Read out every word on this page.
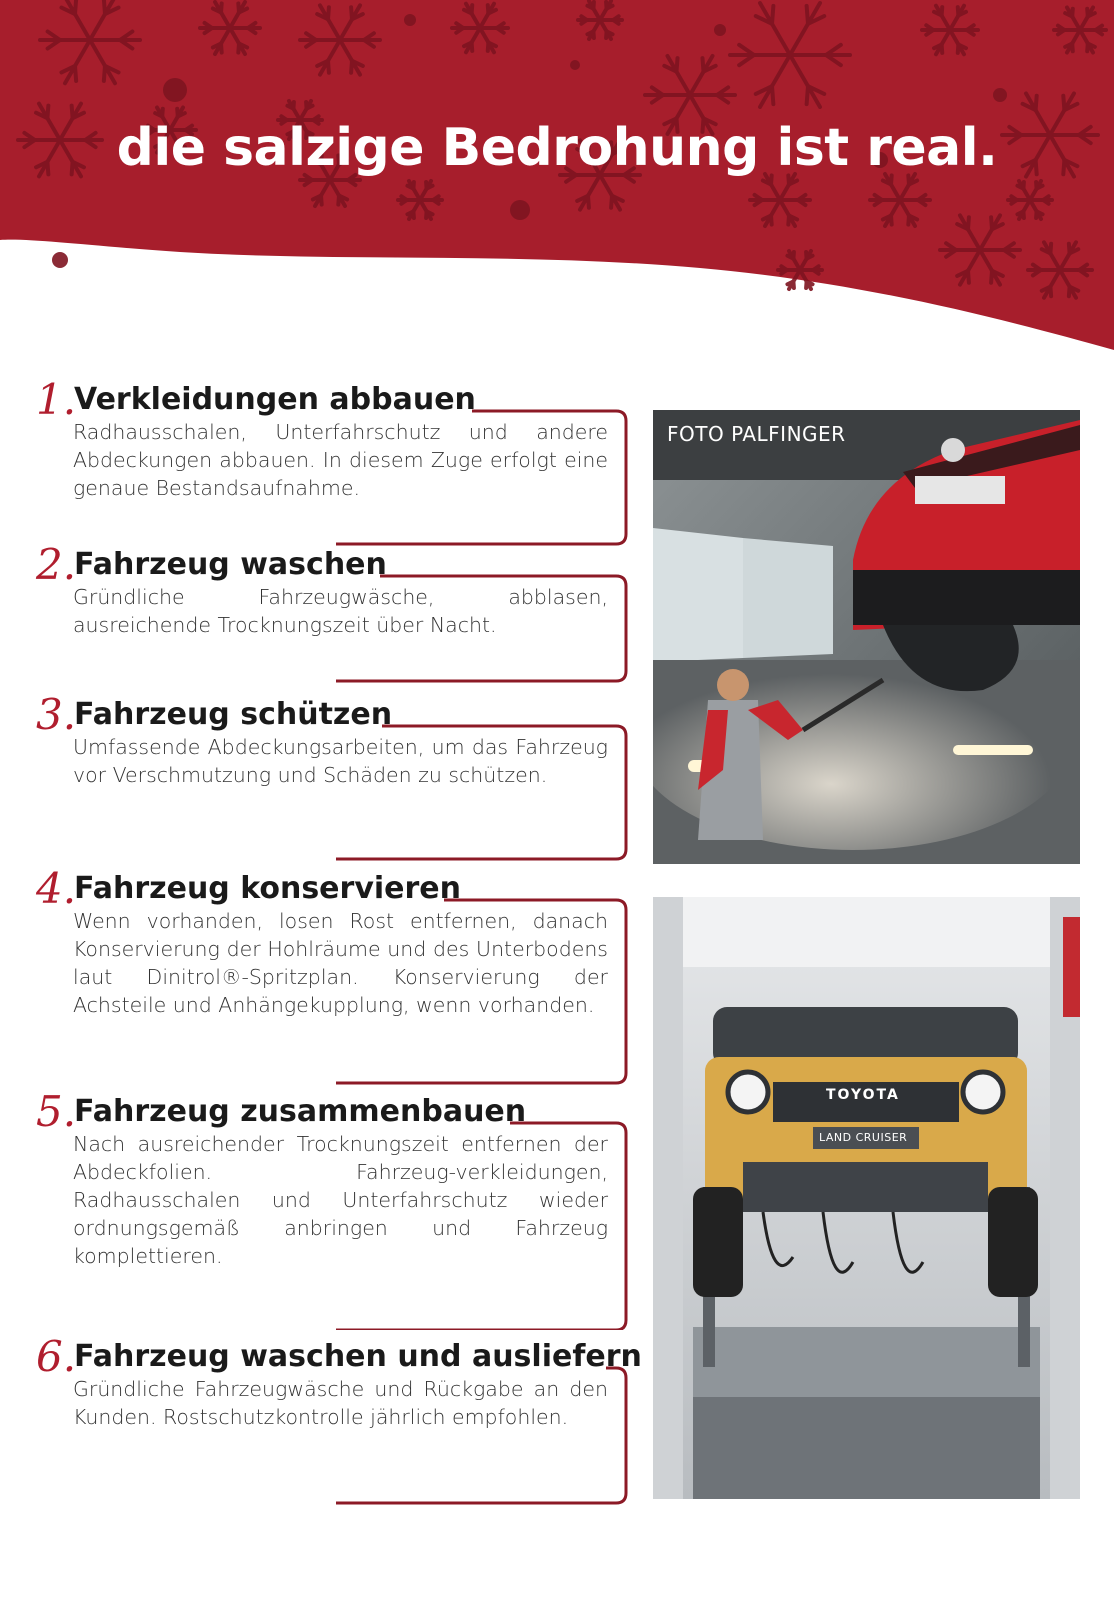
die salzige Bedrohung ist real.
1.
Verkleidungen abbauen
Radhausschalen, Unterfahrschutz und andere Abdeckungen abbauen. In diesem Zuge erfolgt eine genaue Bestandsaufnahme.
2.
Fahrzeug waschen
Gründliche Fahrzeugwäsche, abblasen, ausreichende Trocknungszeit über Nacht.
3.
Fahrzeug schützen
Umfassende Abdeckungsarbeiten, um das Fahrzeug vor Verschmutzung und Schäden zu schützen.
4.
Fahrzeug konservieren
Wenn vorhanden, losen Rost entfernen, danach Konservierung der Hohlräume und des Unterbodens laut Dinitrol®-Spritzplan. Konservierung der Achsteile und Anhängekupplung, wenn vorhanden.
5.
Fahrzeug zusammenbauen
Nach ausreichender Trocknungszeit entfernen der Abdeckfolien. Fahrzeug-verkleidungen, Radhausschalen und Unterfahrschutz wieder ordnungsgemäß anbringen und Fahrzeug komplettieren.
6.
Fahrzeug waschen und ausliefern
Gründliche Fahrzeugwäsche und Rückgabe an den Kunden. Rostschutzkontrolle jährlich empfohlen.
FOTO PALFINGER
TOYOTA
LAND CRUISER
